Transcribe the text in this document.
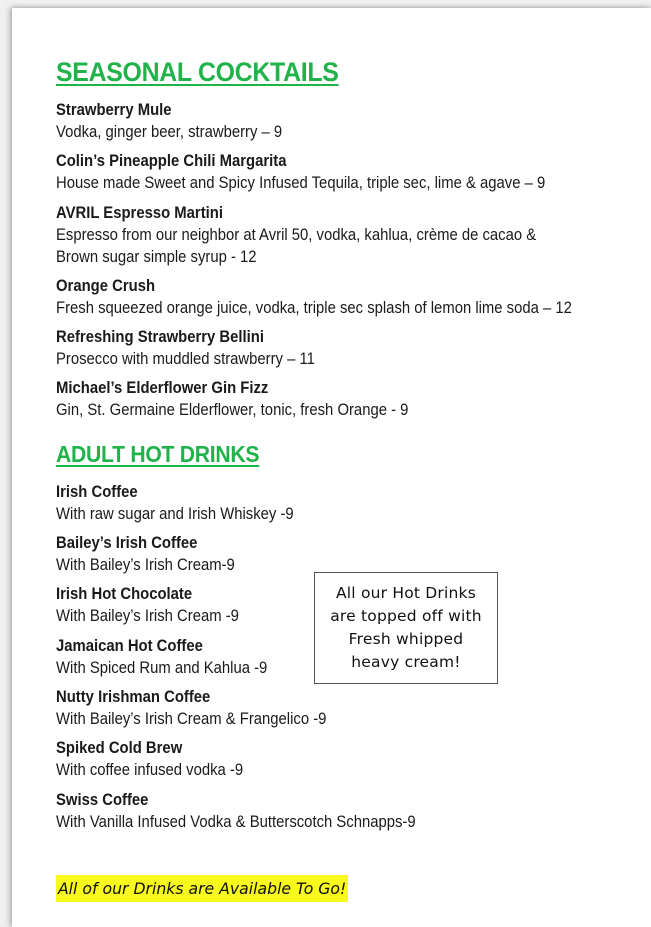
SEASONAL COCKTAILS
Strawberry Mule
Vodka, ginger beer, strawberry – 9
Colin’s Pineapple Chili Margarita
House made Sweet and Spicy Infused Tequila, triple sec, lime & agave – 9
AVRIL Espresso Martini
Espresso from our neighbor at Avril 50, vodka, kahlua, crème de cacao &
Brown sugar simple syrup - 12
Orange Crush
Fresh squeezed orange juice, vodka, triple sec splash of lemon lime soda – 12
Refreshing Strawberry Bellini
Prosecco with muddled strawberry – 11
Michael’s Elderflower Gin Fizz
Gin, St. Germaine Elderflower, tonic, fresh Orange - 9
ADULT HOT DRINKS
Irish Coffee
With raw sugar and Irish Whiskey -9
Bailey’s Irish Coffee
With Bailey’s Irish Cream-9
Irish Hot Chocolate
With Bailey’s Irish Cream -9
Jamaican Hot Coffee
With Spiced Rum and Kahlua -9
Nutty Irishman Coffee
With Bailey’s Irish Cream & Frangelico -9
Spiked Cold Brew
With coffee infused vodka -9
Swiss Coffee
With Vanilla Infused Vodka & Butterscotch Schnapps-9
All our Hot Drinks
are topped off with
Fresh whipped
heavy cream!
All of our Drinks are Available To Go!
